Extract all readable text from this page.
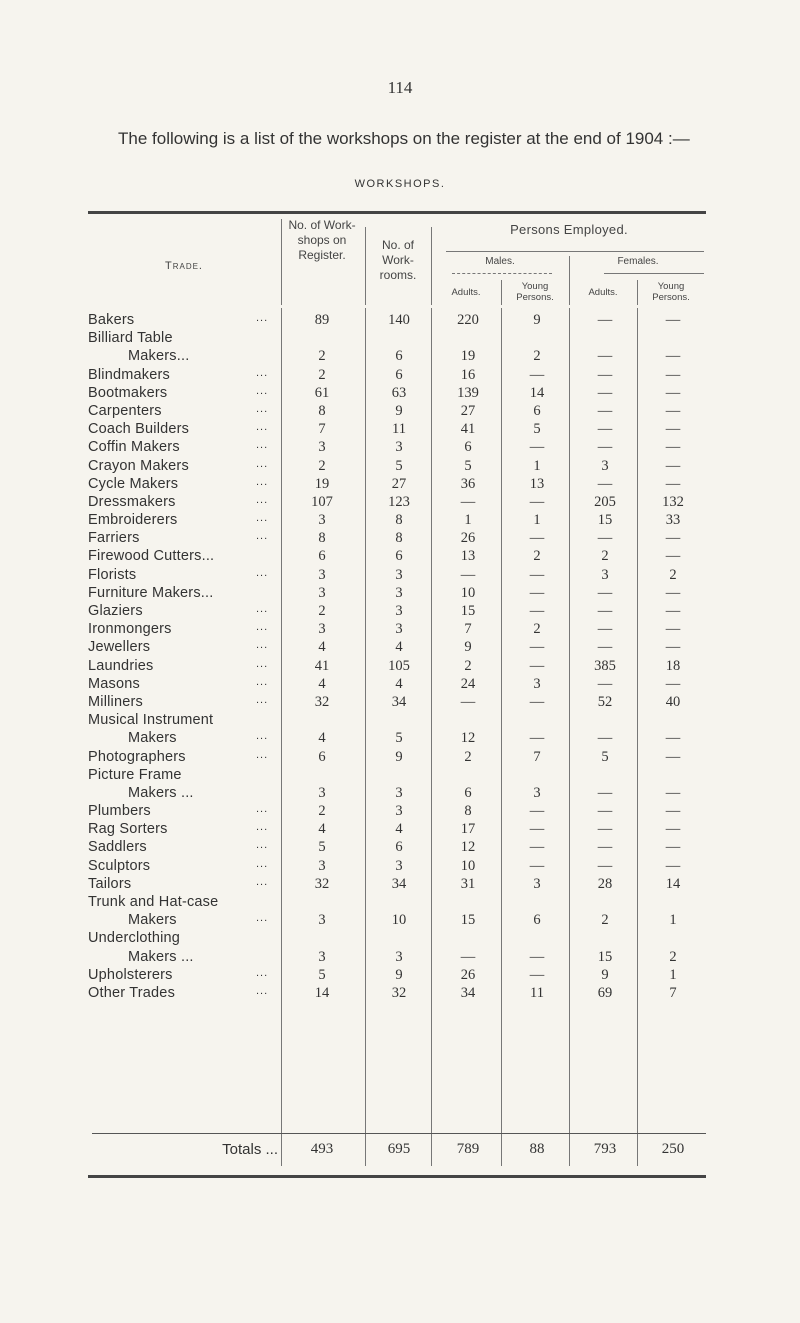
114
The following is a list of the workshops on the register at the end of 1904 :—
WORKSHOPS.
Trade.
No. of Work- shops on Register.
No. of Work- rooms.
Persons Employed.
Males.	Females.
Adults.
Young Persons.	Adults.
Young Persons.
Bakers	...	89	140	220	9	—	—
Billiard Table
Makers...	2	6	19	2	—	—
Blindmakers	...	2	6	16	—	—	—
Bootmakers	...	61	63	139	14	—	—
Carpenters	...	8	9	27	6	—	—
Coach Builders	...	7	11	41	5	—	—
Coffin Makers	...	3	3	6	—	—	—
Crayon Makers	...	2	5	5	1	3	—
Cycle Makers	...	19	27	36	13	—	—
Dressmakers	...	107	123	—	—	205	132
Embroiderers	...	3	8	1	1	15	33
Farriers	...	8	8	26	—	—	—
Firewood Cutters...	6	6	13	2	2	—
Florists	...	3	3	—	—	3	2
Furniture Makers...	3	3	10	—	—	—
Glaziers	...	2	3	15	—	—	—
Ironmongers	...	3	3	7	2	—	—
Jewellers	...	4	4	9	—	—	—
Laundries	...	41	105	2	—	385	18
Masons	...	4	4	24	3	—	—
Milliners	...	32	34	—	—	52	40
Musical Instrument
Makers	...	4	5	12	—	—	—
Photographers	...	6	9	2	7	5	—
Picture Frame
Makers ...	3	3	6	3	—	—
Plumbers	...	2	3	8	—	—	—
Rag Sorters	...	4	4	17	—	—	—
Saddlers	...	5	6	12	—	—	—
Sculptors	...	3	3	10	—	—	—
Tailors	...	32	34	31	3	28	14
Trunk and Hat-case
Makers	...	3	10	15	6	2	1
Underclothing
Makers ...	3	3	—	—	15	2
Upholsterers	...	5	9	26	—	9	1
Other Trades	...	14	32	34	11	69	7
Totals ...	493	695	789	88	793	250
